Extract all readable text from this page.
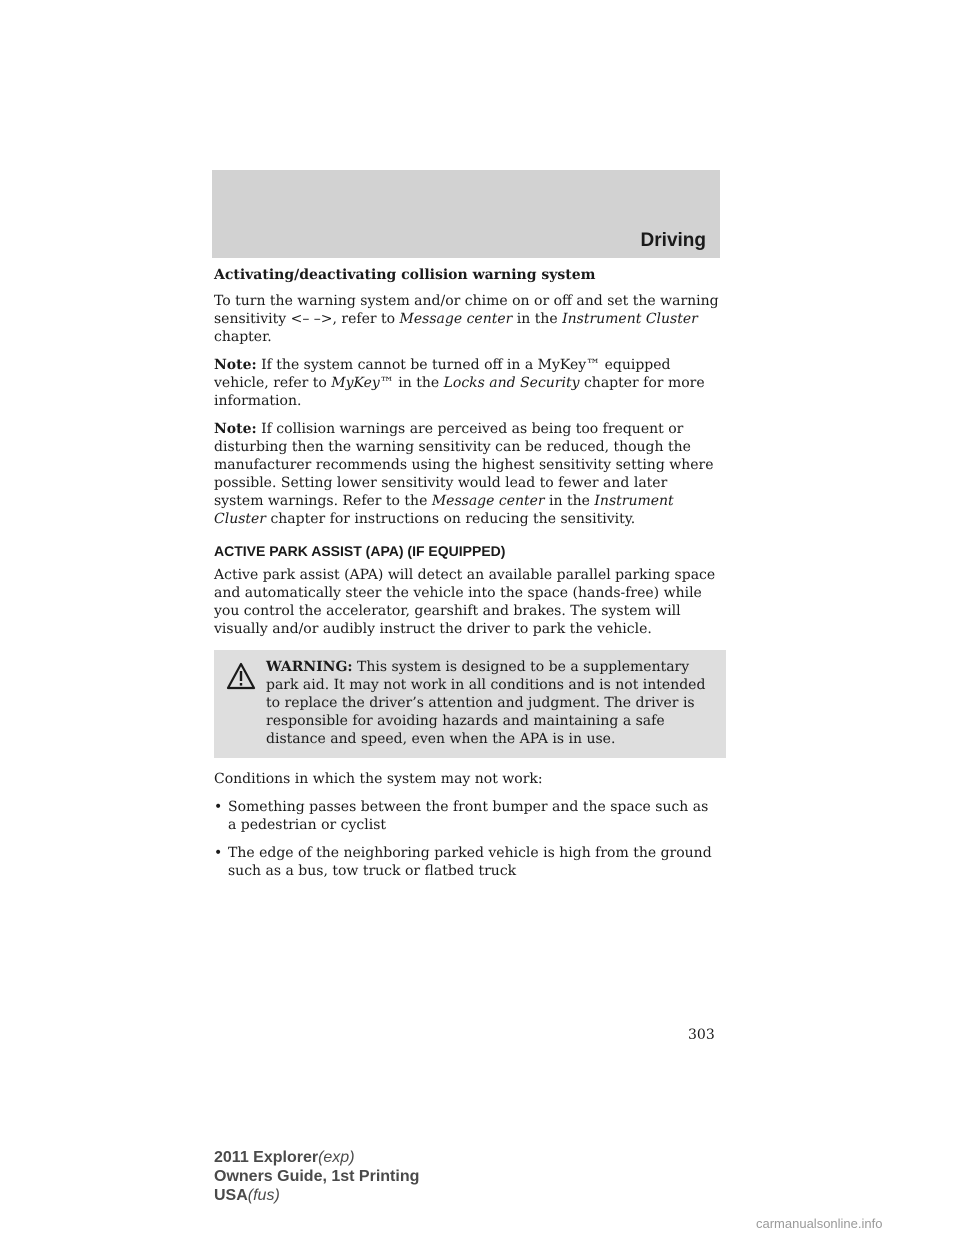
Driving

Activating/deactivating collision warning system

To turn the warning system and/or chime on or off and set the warning sensitivity <– –>, refer to Message center in the Instrument Cluster chapter.

Note: If the system cannot be turned off in a MyKey™ equipped vehicle, refer to MyKey™ in the Locks and Security chapter for more information.

Note: If collision warnings are perceived as being too frequent or disturbing then the warning sensitivity can be reduced, though the manufacturer recommends using the highest sensitivity setting where possible. Setting lower sensitivity would lead to fewer and later system warnings. Refer to the Message center in the Instrument Cluster chapter for instructions on reducing the sensitivity.

ACTIVE PARK ASSIST (APA) (IF EQUIPPED)

Active park assist (APA) will detect an available parallel parking space and automatically steer the vehicle into the space (hands-free) while you control the accelerator, gearshift and brakes. The system will visually and/or audibly instruct the driver to park the vehicle.

WARNING: This system is designed to be a supplementary park aid. It may not work in all conditions and is not intended to replace the driver’s attention and judgment. The driver is responsible for avoiding hazards and maintaining a safe distance and speed, even when the APA is in use.

Conditions in which the system may not work:

• Something passes between the front bumper and the space such as a pedestrian or cyclist
• The edge of the neighboring parked vehicle is high from the ground such as a bus, tow truck or flatbed truck
303
2011 Explorer(exp)
Owners Guide, 1st Printing
USA(fus)
carmanualsonline.info
